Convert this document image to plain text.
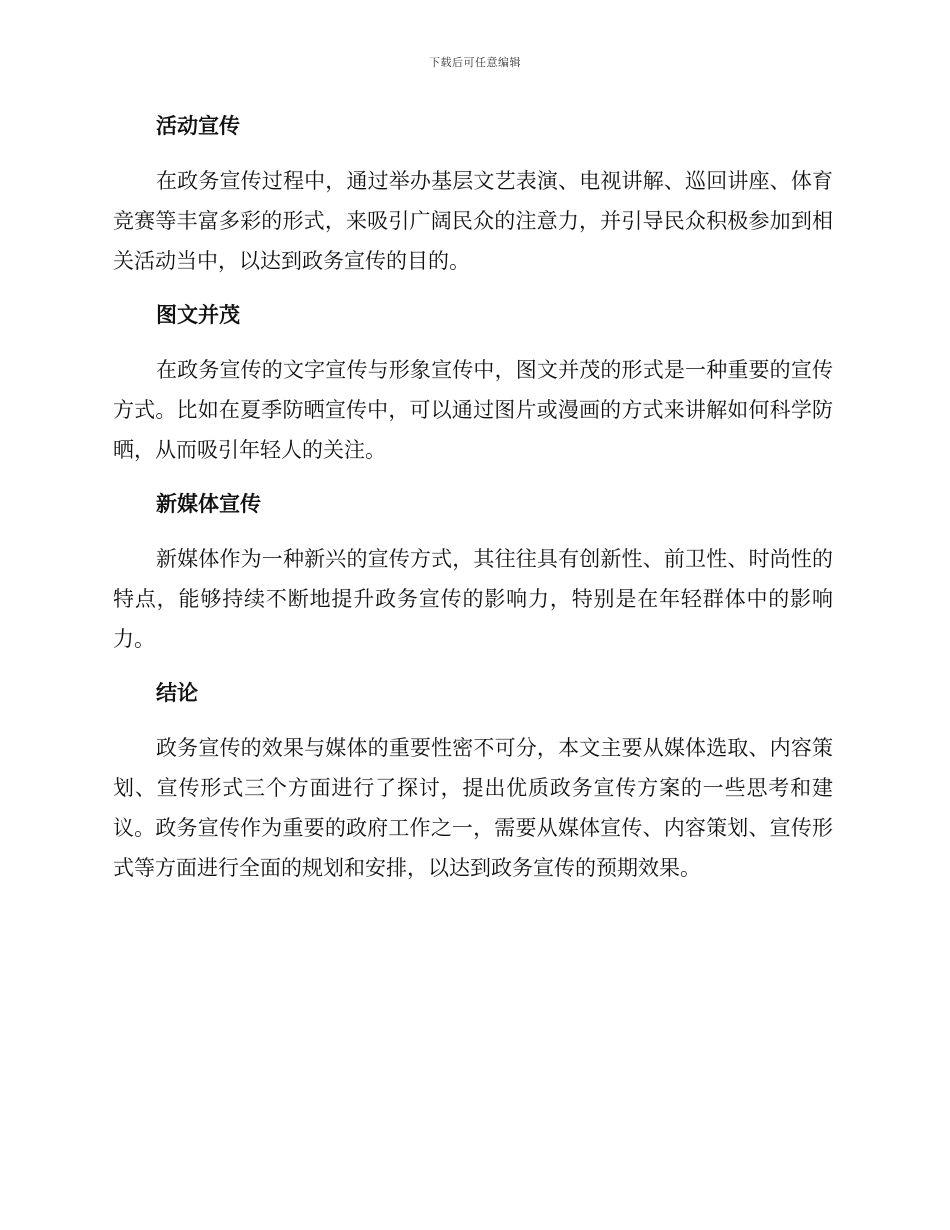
下载后可任意编辑
活动宣传

在政务宣传过程中，通过举办基层文艺表演、电视讲解、巡回讲座、体育竞赛等丰富多彩的形式，来吸引广阔民众的注意力，并引导民众积极参加到相关活动当中，以达到政务宣传的目的。

图文并茂

在政务宣传的文字宣传与形象宣传中，图文并茂的形式是一种重要的宣传方式。比如在夏季防晒宣传中，可以通过图片或漫画的方式来讲解如何科学防晒，从而吸引年轻人的关注。

新媒体宣传

新媒体作为一种新兴的宣传方式，其往往具有创新性、前卫性、时尚性的特点，能够持续不断地提升政务宣传的影响力，特别是在年轻群体中的影响力。

结论

政务宣传的效果与媒体的重要性密不可分，本文主要从媒体选取、内容策划、宣传形式三个方面进行了探讨，提出优质政务宣传方案的一些思考和建议。政务宣传作为重要的政府工作之一，需要从媒体宣传、内容策划、宣传形式等方面进行全面的规划和安排，以达到政务宣传的预期效果。
